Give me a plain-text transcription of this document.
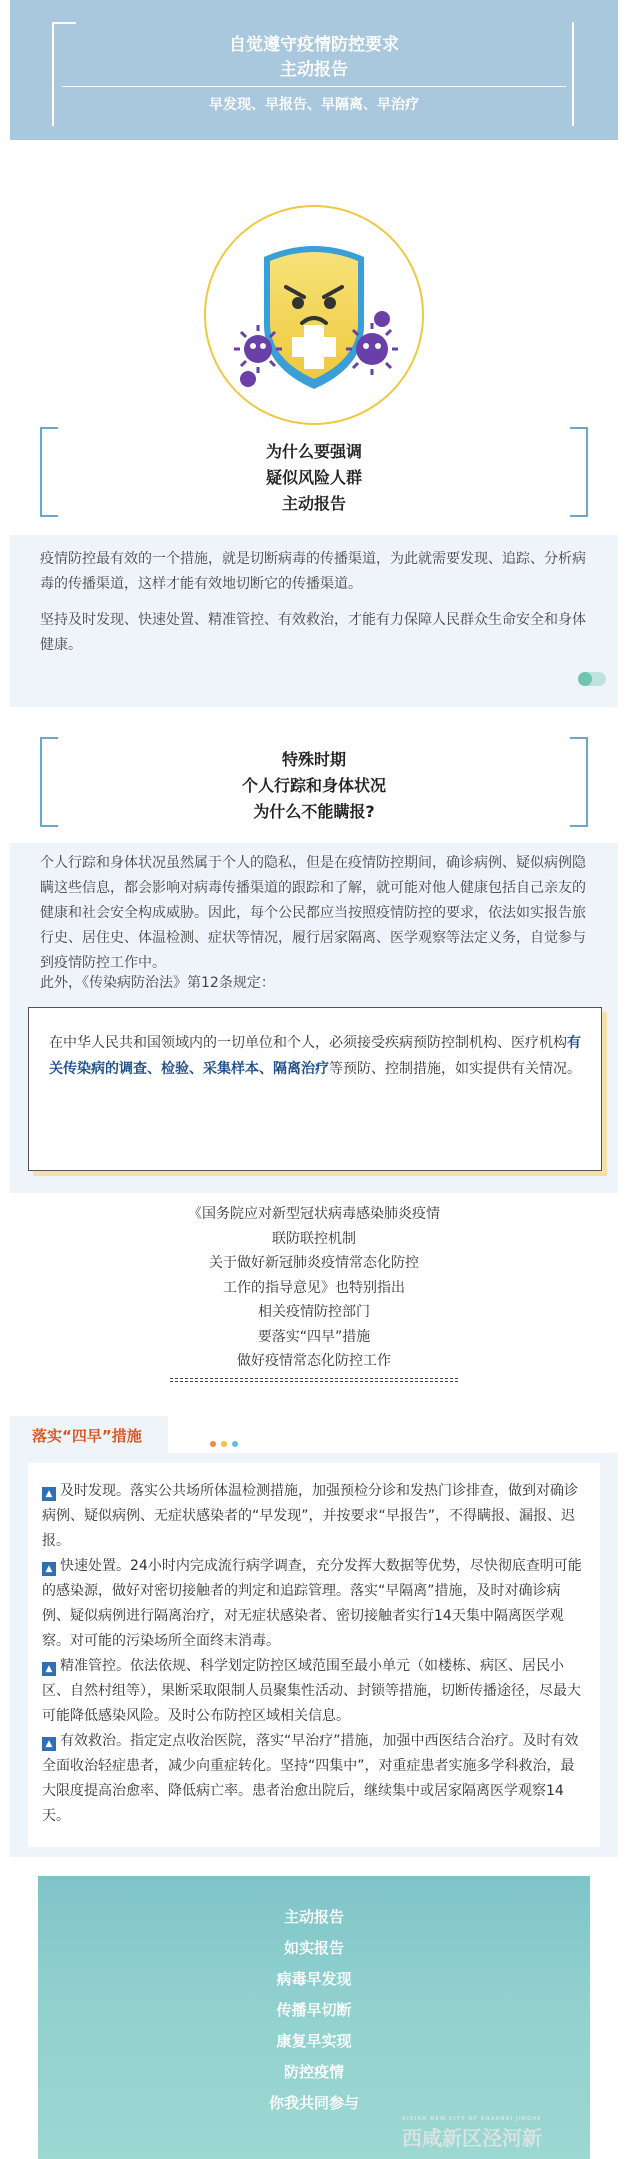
自觉遵守疫情防控要求
主动报告
早发现、早报告、早隔离、早治疗
为什么要强调
疑似风险人群
主动报告
疫情防控最有效的一个措施，就是切断病毒的传播渠道，为此就需要发现、追踪、分析病毒的传播渠道，这样才能有效地切断它的传播渠道。
坚持及时发现、快速处置、精准管控、有效救治，才能有力保障人民群众生命安全和身体健康。
特殊时期
个人行踪和身体状况
为什么不能瞒报?
个人行踪和身体状况虽然属于个人的隐私，但是在疫情防控期间，确诊病例、疑似病例隐瞒这些信息，都会影响对病毒传播渠道的跟踪和了解，就可能对他人健康包括自己亲友的健康和社会安全构成威胁。因此，每个公民都应当按照疫情防控的要求，依法如实报告旅行史、居住史、体温检测、症状等情况，履行居家隔离、医学观察等法定义务，自觉参与到疫情防控工作中。
此外，《传染病防治法》第12条规定：
在中华人民共和国领域内的一切单位和个人，必须接受疾病预防控制机构、医疗机构有关传染病的调查、检验、采集样本、隔离治疗等预防、控制措施，如实提供有关情况。
《国务院应对新型冠状病毒感染肺炎疫情
联防联控机制
关于做好新冠肺炎疫情常态化防控
工作的指导意见》也特别指出
相关疫情防控部门
要落实“四早”措施
做好疫情常态化防控工作
落实“四早”措施
▲ 及时发现。落实公共场所体温检测措施，加强预检分诊和发热门诊排查，做到对确诊病例、疑似病例、无症状感染者的“早发现”，并按要求“早报告”，不得瞒报、漏报、迟报。
▲ 快速处置。24小时内完成流行病学调查，充分发挥大数据等优势，尽快彻底查明可能的感染源，做好对密切接触者的判定和追踪管理。落实“早隔离”措施，及时对确诊病例、疑似病例进行隔离治疗，对无症状感染者、密切接触者实行14天集中隔离医学观察。对可能的污染场所全面终末消毒。
▲ 精准管控。依法依规、科学划定防控区域范围至最小单元（如楼栋、病区、居民小区、自然村组等），果断采取限制人员聚集性活动、封锁等措施，切断传播途径，尽最大可能降低感染风险。及时公布防控区域相关信息。
▲ 有效救治。指定定点收治医院，落实“早治疗”措施，加强中西医结合治疗。及时有效全面收治轻症患者，减少向重症转化。坚持“四集中”，对重症患者实施多学科救治，最大限度提高治愈率、降低病亡率。患者治愈出院后，继续集中或居家隔离医学观察14天。
主动报告
如实报告
病毒早发现
传播早切断
康复早实现
防控疫情
你我共同参与
XIXIAN NEW CITY OF SHAANXI JINGHE
西咸新区泾河新
